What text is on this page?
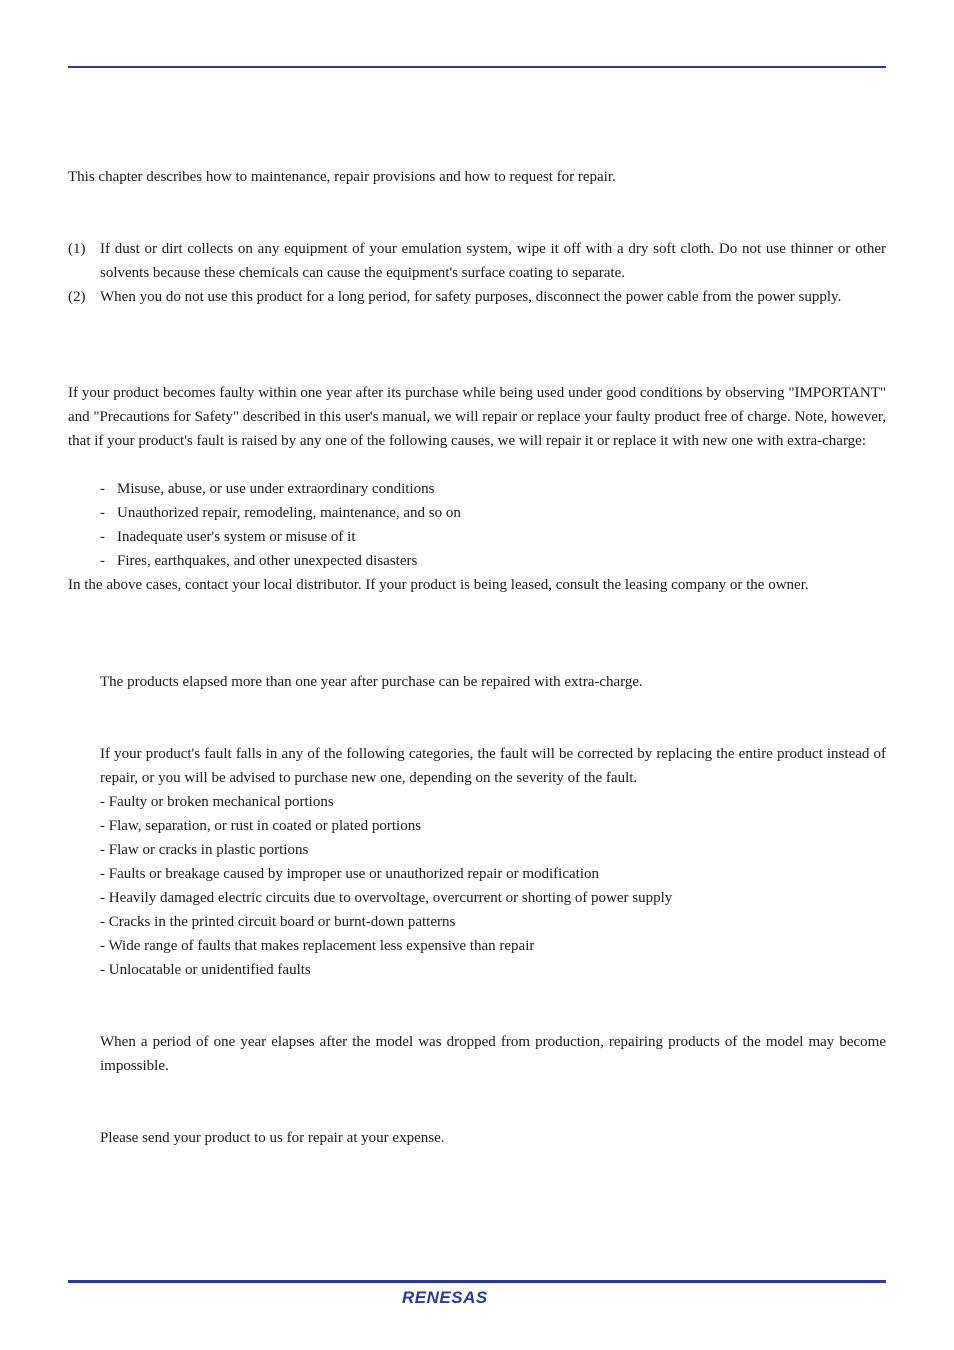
This chapter describes how to maintenance, repair provisions and how to request for repair.

(1) If dust or dirt collects on any equipment of your emulation system, wipe it off with a dry soft cloth. Do not use thinner or other solvents because these chemicals can cause the equipment's surface coating to separate.

(2) When you do not use this product for a long period, for safety purposes, disconnect the power cable from the power supply.

If your product becomes faulty within one year after its purchase while being used under good conditions by observing "IMPORTANT" and "Precautions for Safety" described in this user's manual, we will repair or replace your faulty product free of charge. Note, however, that if your product's fault is raised by any one of the following causes, we will repair it or replace it with new one with extra-charge:

- Misuse, abuse, or use under extraordinary conditions
- Unauthorized repair, remodeling, maintenance, and so on
- Inadequate user's system or misuse of it
- Fires, earthquakes, and other unexpected disasters

In the above cases, contact your local distributor. If your product is being leased, consult the leasing company or the owner.

The products elapsed more than one year after purchase can be repaired with extra-charge.

If your product's fault falls in any of the following categories, the fault will be corrected by replacing the entire product instead of repair, or you will be advised to purchase new one, depending on the severity of the fault.

- Faulty or broken mechanical portions

- Flaw, separation, or rust in coated or plated portions

- Flaw or cracks in plastic portions

- Faults or breakage caused by improper use or unauthorized repair or modification

- Heavily damaged electric circuits due to overvoltage, overcurrent or shorting of power supply

- Cracks in the printed circuit board or burnt-down patterns

- Wide range of faults that makes replacement less expensive than repair

- Unlocatable or unidentified faults

When a period of one year elapses after the model was dropped from production, repairing products of the model may become impossible.

Please send your product to us for repair at your expense.

RENESAS
